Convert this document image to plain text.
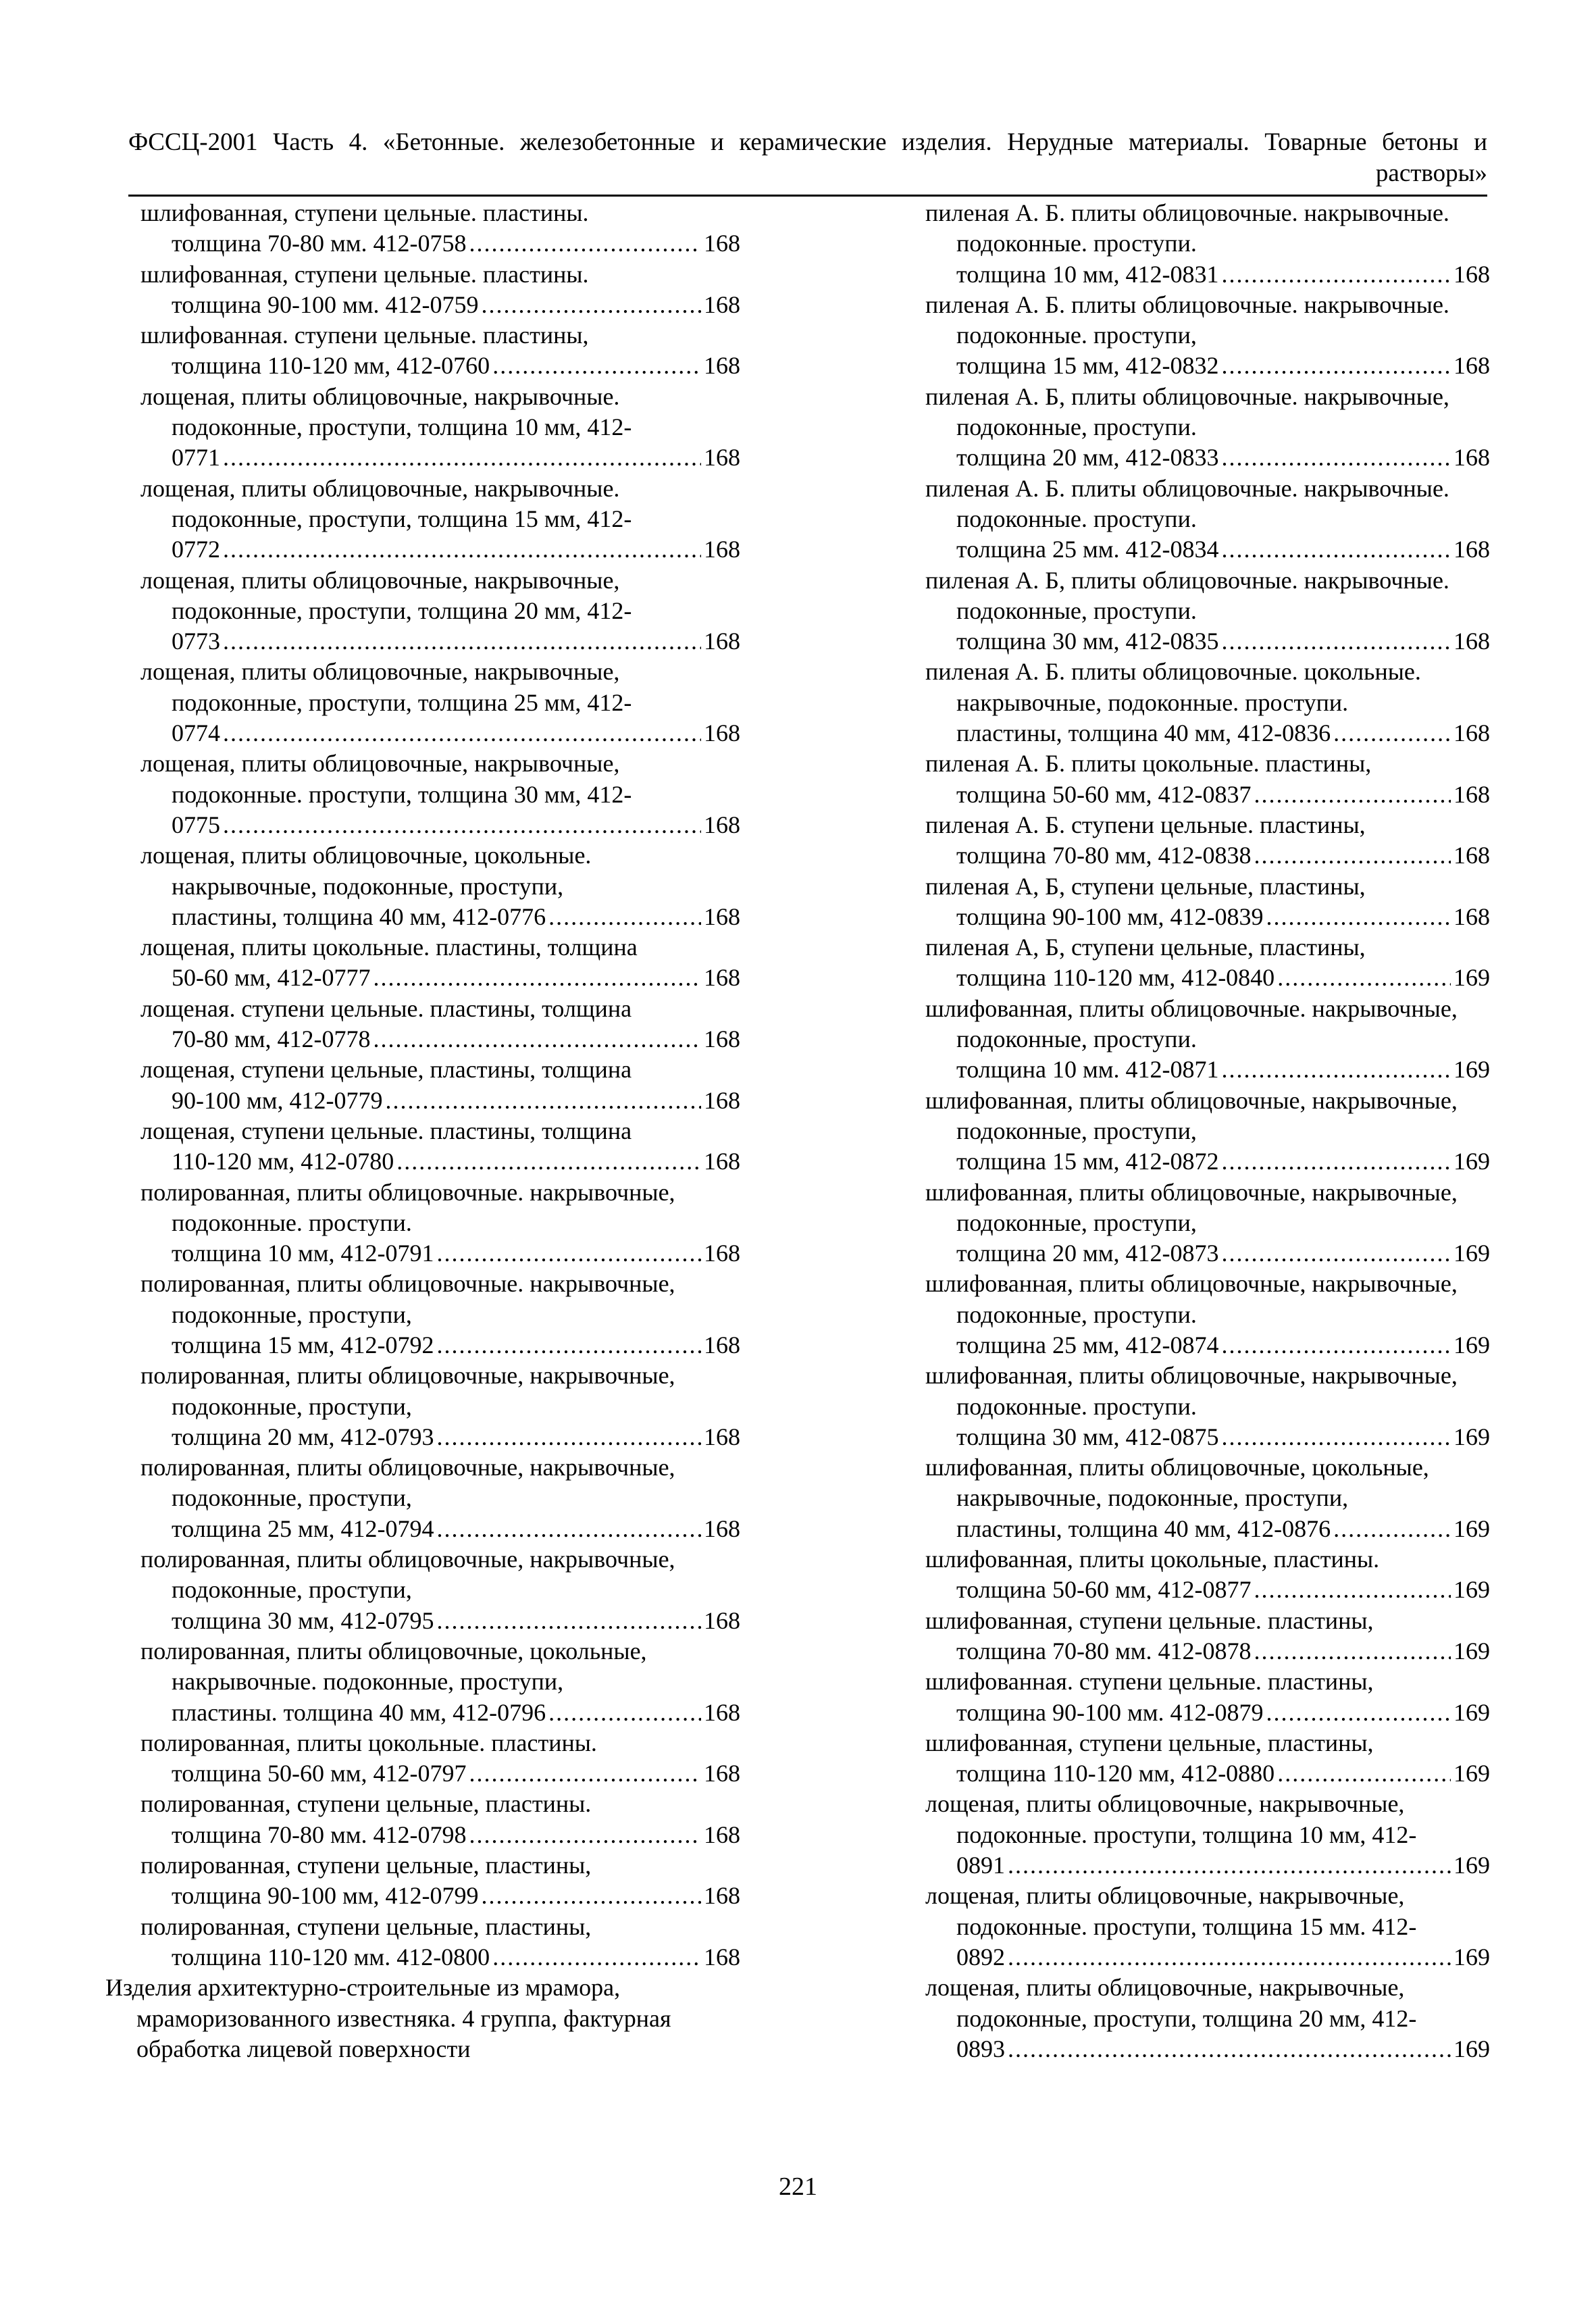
ФССЦ-2001 Часть 4. «Бетонные. железобетонные и керамические изделия. Нерудные материалы. Товарные бетоны и растворы»
шлифованная, ступени цельные. пластины.
толщина 70-80 мм. 412-0758 .....	168
шлифованная, ступени цельные. пластины.
толщина 90-100 мм. 412-0759 .....	168
шлифованная. ступени цельные. пластины,
толщина 110-120 мм, 412-0760 .....	168
лощеная, плиты облицовочные, накрывочные. подоконные, проступи, толщина 10 мм, 412-
0771 .....	168
лощеная, плиты облицовочные, накрывочные. подоконные, проступи, толщина 15 мм, 412-
0772 .....	168
лощеная, плиты облицовочные, накрывочные, подоконные, проступи, толщина 20 мм, 412-
0773 .....	168
лощеная, плиты облицовочные, накрывочные, подоконные, проступи, толщина 25 мм, 412-
0774 .....	168
лощеная, плиты облицовочные, накрывочные, подоконные. проступи, толщина 30 мм, 412-
0775 .....	168
лощеная, плиты облицовочные, цокольные. накрывочные, подоконные, проступи,
пластины, толщина 40 мм, 412-0776 .....	168
лощеная, плиты цокольные. пластины, толщина
50-60 мм, 412-0777 .....	168
лощеная. ступени цельные. пластины, толщина
70-80 мм, 412-0778 .....	168
лощеная, ступени цельные, пластины, толщина
90-100 мм, 412-0779 .....	168
лощеная, ступени цельные. пластины, толщина
110-120 мм, 412-0780 .....	168
полированная, плиты облицовочные. накрывочные, подоконные. проступи.
толщина 10 мм, 412-0791 .....	168
полированная, плиты облицовочные. накрывочные, подоконные, проступи,
толщина 15 мм, 412-0792 .....	168
полированная, плиты облицовочные, накрывочные, подоконные, проступи,
толщина 20 мм, 412-0793 .....	168
полированная, плиты облицовочные, накрывочные, подоконные, проступи,
толщина 25 мм, 412-0794 .....	168
полированная, плиты облицовочные, накрывочные, подоконные, проступи,
толщина 30 мм, 412-0795 .....	168
полированная, плиты облицовочные, цокольные, накрывочные. подоконные, проступи,
пластины. толщина 40 мм, 412-0796 .....	168
полированная, плиты цокольные. пластины.
толщина 50-60 мм, 412-0797 .....	168
полированная, ступени цельные, пластины.
толщина 70-80 мм. 412-0798 .....	168
полированная, ступени цельные, пластины,
толщина 90-100 мм, 412-0799 .....	168
полированная, ступени цельные, пластины,
толщина 110-120 мм. 412-0800 .....	168
Изделия архитектурно-строительные из мрамора, мраморизованного известняка. 4 группа, фактурная обработка лицевой поверхности
пиленая А. Б. плиты облицовочные. накрывочные. подоконные. проступи.
толщина 10 мм, 412-0831 .....	168
пиленая А. Б. плиты облицовочные. накрывочные. подоконные. проступи,
толщина 15 мм, 412-0832 .....	168
пиленая А. Б, плиты облицовочные. накрывочные, подоконные, проступи.
толщина 20 мм, 412-0833 .....	168
пиленая А. Б. плиты облицовочные. накрывочные. подоконные. проступи.
толщина 25 мм. 412-0834 .....	168
пиленая А. Б, плиты облицовочные. накрывочные. подоконные, проступи.
толщина 30 мм, 412-0835 .....	168
пиленая А. Б. плиты облицовочные. цокольные. накрывочные, подоконные. проступи.
пластины, толщина 40 мм, 412-0836 .....	168
пиленая А. Б. плиты цокольные. пластины,
толщина 50-60 мм, 412-0837 .....	168
пиленая А. Б. ступени цельные. пластины,
толщина 70-80 мм, 412-0838 .....	168
пиленая А, Б, ступени цельные, пластины,
толщина 90-100 мм, 412-0839 .....	168
пиленая А, Б, ступени цельные, пластины,
толщина 110-120 мм, 412-0840 .....	169
шлифованная, плиты облицовочные. накрывочные, подоконные, проступи.
толщина 10 мм. 412-0871 .....	169
шлифованная, плиты облицовочные, накрывочные, подоконные, проступи,
толщина 15 мм, 412-0872 .....	169
шлифованная, плиты облицовочные, накрывочные, подоконные, проступи,
толщина 20 мм, 412-0873 .....	169
шлифованная, плиты облицовочные, накрывочные, подоконные, проступи.
толщина 25 мм, 412-0874 .....	169
шлифованная, плиты облицовочные, накрывочные, подоконные. проступи.
толщина 30 мм, 412-0875 .....	169
шлифованная, плиты облицовочные, цокольные, накрывочные, подоконные, проступи,
пластины, толщина 40 мм, 412-0876 .....	169
шлифованная, плиты цокольные, пластины.
толщина 50-60 мм, 412-0877 .....	169
шлифованная, ступени цельные. пластины,
толщина 70-80 мм. 412-0878 .....	169
шлифованная. ступени цельные. пластины,
толщина 90-100 мм. 412-0879 .....	169
шлифованная, ступени цельные, пластины,
толщина 110-120 мм, 412-0880 .....	169
лощеная, плиты облицовочные, накрывочные, подоконные. проступи, толщина 10 мм, 412-
0891 .....	169
лощеная, плиты облицовочные, накрывочные, подоконные. проступи, толщина 15 мм. 412-
0892 .....	169
лощеная, плиты облицовочные, накрывочные, подоконные, проступи, толщина 20 мм, 412-
0893 .....	169
221
